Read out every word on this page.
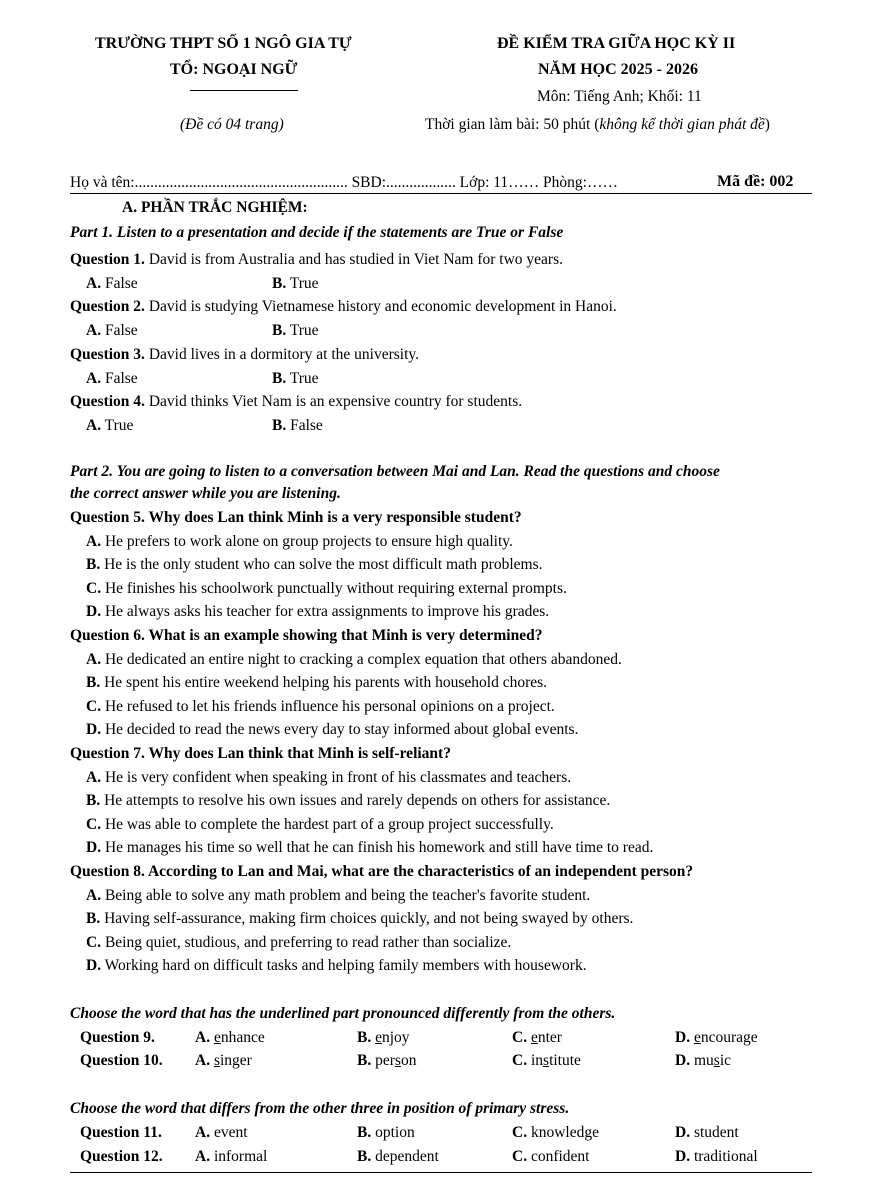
TRƯỜNG THPT SỐ 1 NGÔ GIA TỰ
TỔ: NGOẠI NGỮ
(Đề có 04 trang)
ĐỀ KIỂM TRA GIỮA HỌC KỲ II
NĂM HỌC 2025 - 2026
Môn: Tiếng Anh; Khối: 11
Thời gian làm bài: 50 phút (không kể thời gian phát đề)
Họ và tên:....................................................... SBD:.................. Lớp: 11…… Phòng:……	Mã đề: 002
A. PHẦN TRẮC NGHIỆM:
Part 1. Listen to a presentation and decide if the statements are True or False
Question 1. David is from Australia and has studied in Viet Nam for two years.
A. False	B. True
Question 2. David is studying Vietnamese history and economic development in Hanoi.
A. False	B. True
Question 3. David lives in a dormitory at the university.
A. False	B. True
Question 4. David thinks Viet Nam is an expensive country for students.
A. True	B. False
Part 2. You are going to listen to a conversation between Mai and Lan. Read the questions and choose
the correct answer while you are listening.
Question 5. Why does Lan think Minh is a very responsible student?
A. He prefers to work alone on group projects to ensure high quality.
B. He is the only student who can solve the most difficult math problems.
C. He finishes his schoolwork punctually without requiring external prompts.
D. He always asks his teacher for extra assignments to improve his grades.
Question 6. What is an example showing that Minh is very determined?
A. He dedicated an entire night to cracking a complex equation that others abandoned.
B. He spent his entire weekend helping his parents with household chores.
C. He refused to let his friends influence his personal opinions on a project.
D. He decided to read the news every day to stay informed about global events.
Question 7. Why does Lan think that Minh is self-reliant?
A. He is very confident when speaking in front of his classmates and teachers.
B. He attempts to resolve his own issues and rarely depends on others for assistance.
C. He was able to complete the hardest part of a group project successfully.
D. He manages his time so well that he can finish his homework and still have time to read.
Question 8. According to Lan and Mai, what are the characteristics of an independent person?
A. Being able to solve any math problem and being the teacher's favorite student.
B. Having self-assurance, making firm choices quickly, and not being swayed by others.
C. Being quiet, studious, and preferring to read rather than socialize.
D. Working hard on difficult tasks and helping family members with housework.
Choose the word that has the underlined part pronounced differently from the others.
Question 9.	A. enhance	B. enjoy	C. enter	D. encourage
Question 10. A. singer	B. person	C. institute	D. music
Choose the word that differs from the other three in position of primary stress.
Question 11. A. event	B. option	C. knowledge	D. student
Question 12. A. informal	B. dependent	C. confident	D. traditional
